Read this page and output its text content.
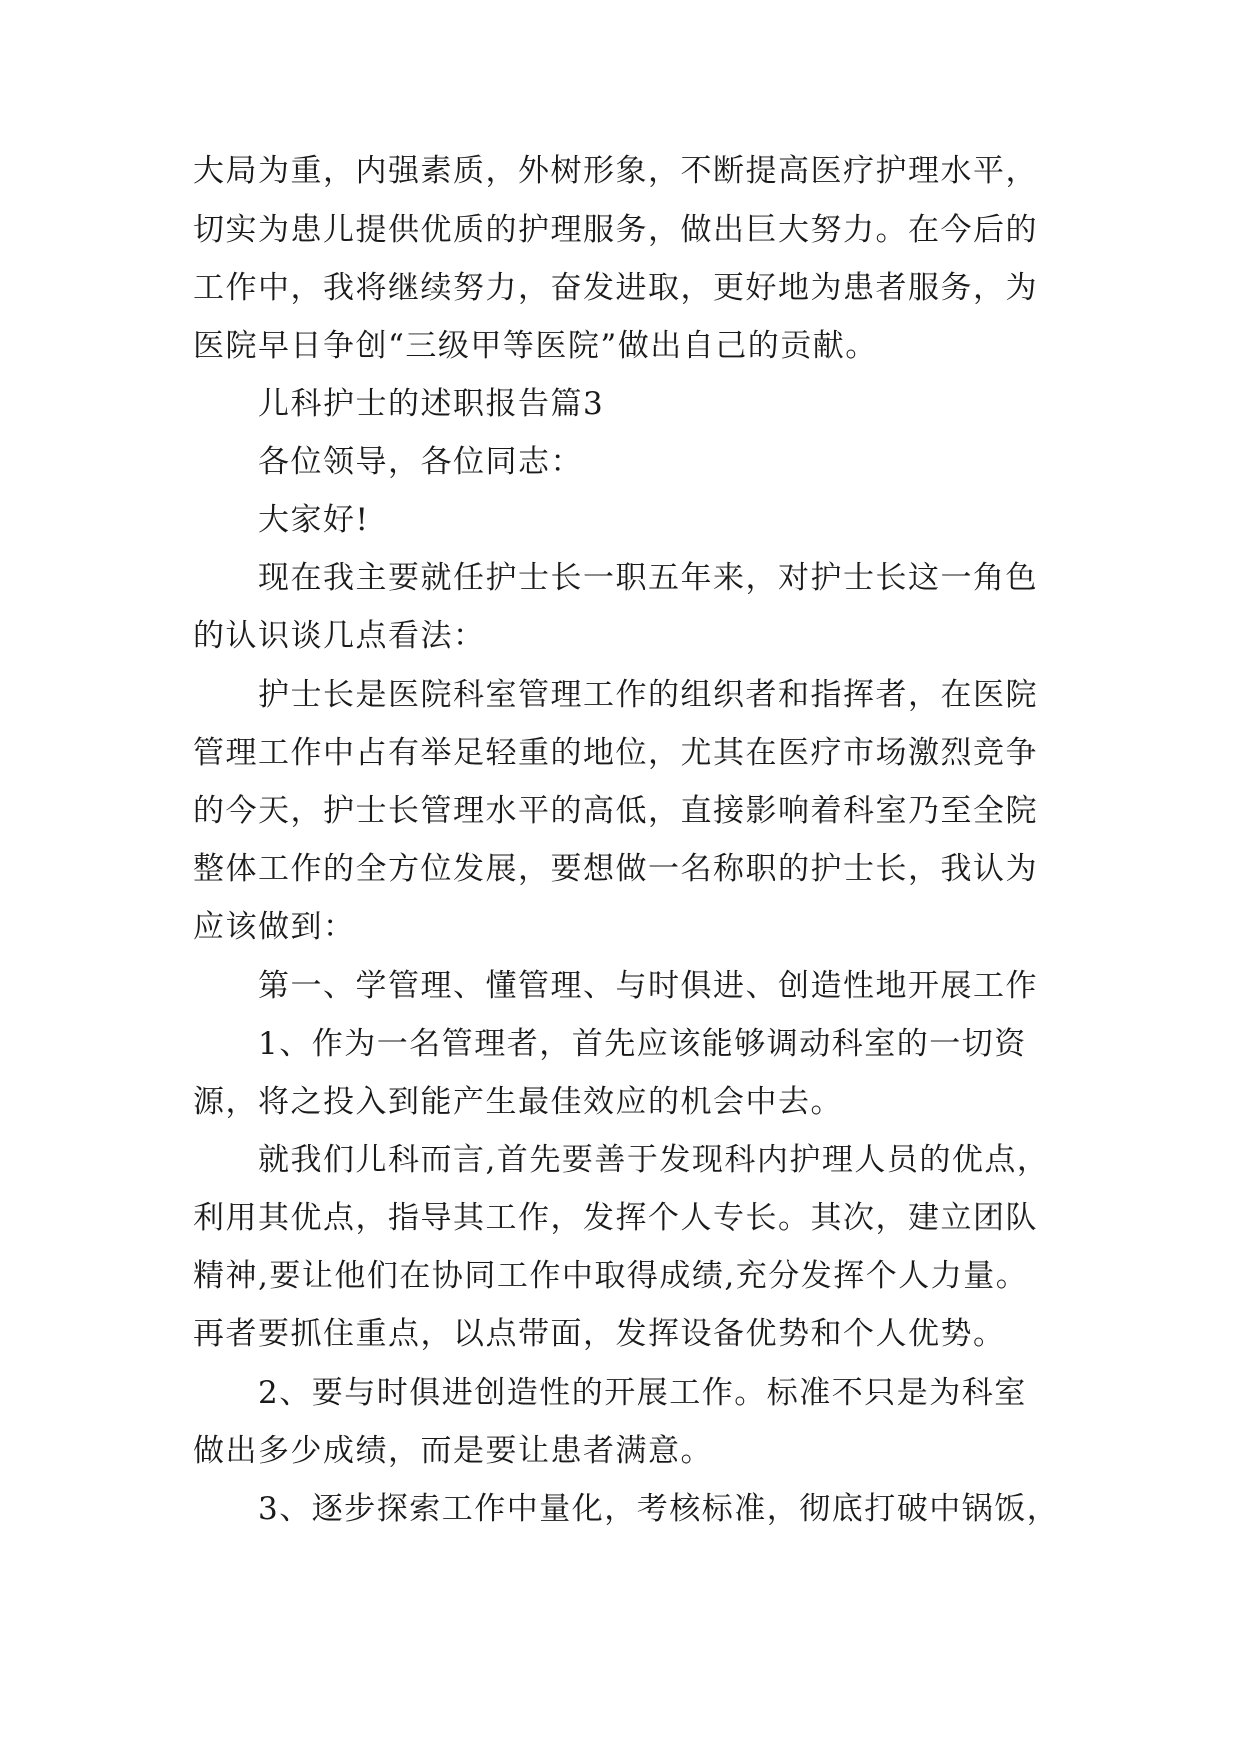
大局为重，内强素质，外树形象，不断提高医疗护理水平，
切实为患儿提供优质的护理服务，做出巨大努力。在今后的
工作中，我将继续努力，奋发进取，更好地为患者服务，为
医院早日争创“三级甲等医院”做出自己的贡献。
儿科护士的述职报告篇3
各位领导，各位同志：
大家好!
现在我主要就任护士长一职五年来，对护士长这一角色
的认识谈几点看法：
护士长是医院科室管理工作的组织者和指挥者，在医院
管理工作中占有举足轻重的地位，尤其在医疗市场激烈竞争
的今天，护士长管理水平的高低，直接影响着科室乃至全院
整体工作的全方位发展，要想做一名称职的护士长，我认为
应该做到：
第一、学管理、懂管理、与时俱进、创造性地开展工作
1、作为一名管理者，首先应该能够调动科室的一切资
源，将之投入到能产生最佳效应的机会中去。
就我们儿科而言,首先要善于发现科内护理人员的优点，
利用其优点，指导其工作，发挥个人专长。其次，建立团队
精神,要让他们在协同工作中取得成绩,充分发挥个人力量。
再者要抓住重点，以点带面，发挥设备优势和个人优势。
2、要与时俱进创造性的开展工作。标准不只是为科室
做出多少成绩，而是要让患者满意。
3、逐步探索工作中量化，考核标准，彻底打破中锅饭，
